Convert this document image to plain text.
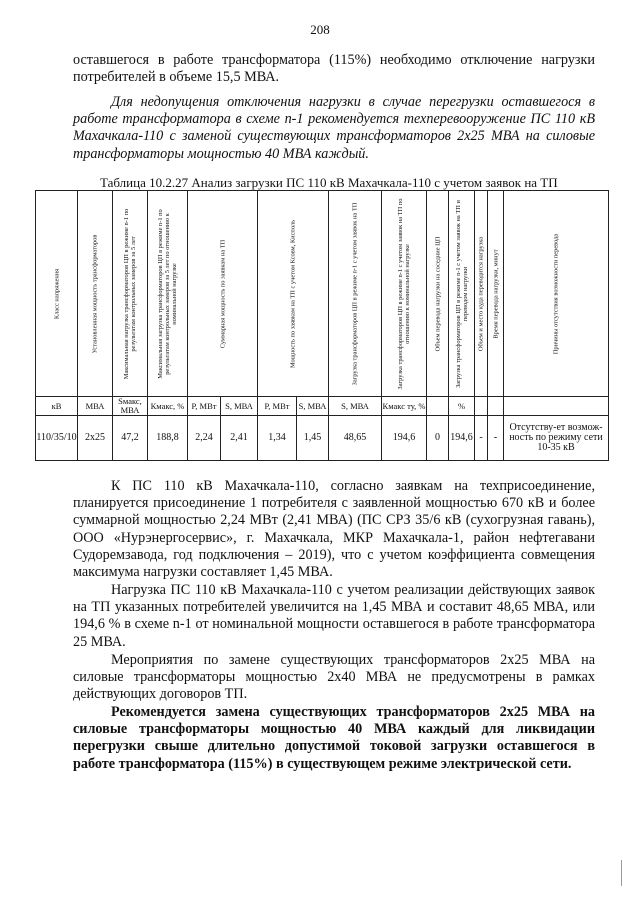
208

оставшегося в работе трансформатора (115%) необходимо отключение нагрузки потребителей в объеме 15,5 МВА.

Для недопущения отключения нагрузки в случае перегрузки оставшегося в работе трансформатора в схеме п-1 рекомендуется техперевооружение ПС 110 кВ Махачкала-110 с заменой существующих трансформаторов 2х25 МВА на силовые трансформаторы мощностью 40 МВА каждый.

Таблица 10.2.27 Анализ загрузки ПС 110 кВ Махачкала-110 с учетом заявок на ТП
Класс напряжения	Установленная мощность трансформаторов	Максимальная нагрузка трансформаторов ЦП в режиме n-1 по результатам контрольных замеров за 5 лет	Максимальная загрузка трансформаторов ЦП в режиме n-1 по результатам контрольных замеров за 5 лет по отношению к номинальной нагрузке	Суммарная мощность по заявкам на ТП		Мощность по заявкам на ТП с учетом Ксовм, Кисполь		Загрузка трансформаторов ЦП в режиме n-1 с учетом заявок на ТП	Загрузка трансформаторов ЦП в режиме n-1 с учетом заявок на ТП по отношению к номинальной нагрузке	Объем перевода нагрузки на соседние ЦП	Загрузка трансформаторов ЦП в режиме n-1 с учетом заявок на ТП и переводом нагрузки	Объем и место куда переводится нагрузка	Время перевода нагрузки, минут	Причины отсутствия возможности перевода

кВ	МВА	Sмакс, МВА	Кмакс, %	P, МВт	S, МВА	P, МВт	S, МВА	S, МВА	Кмакс ту, %		%			
110/35/10	2х25	47,2	188,8	2,24	2,41	1,34	1,45	48,65	194,6	0	194,6	-	-	Отсутству-ет возмож-ность по режиму сети 10-35 кВ

К ПС 110 кВ Махачкала-110, согласно заявкам на техприсоединение, планируется присоединение 1 потребителя с заявленной мощностью 670 кВ и более суммарной мощностью 2,24 МВт (2,41 МВА) (ПС СРЗ 35/6 кВ (сухогрузная гавань), ООО «Нурэнергосервис», г. Махачкала, МКР Махачкала-1, район нефтегавани Судоремзавода, год подключения – 2019), что с учетом коэффициента совмещения максимума нагрузки составляет 1,45 МВА.

Нагрузка ПС 110 кВ Махачкала-110 с учетом реализации действующих заявок на ТП указанных потребителей увеличится на 1,45 МВА и составит 48,65 МВА, или 194,6 % в схеме n-1 от номинальной мощности оставшегося в работе трансформатора 25 МВА.

Мероприятия по замене существующих трансформаторов 2х25 МВА на силовые трансформаторы мощностью 2х40 МВА не предусмотрены в рамках действующих договоров ТП.

Рекомендуется замена существующих трансформаторов 2х25 МВА на силовые трансформаторы мощностью 40 МВА каждый для ликвидации перегрузки свыше длительно допустимой токовой загрузки оставшегося в работе трансформатора (115%) в существующем режиме электрической сети.
